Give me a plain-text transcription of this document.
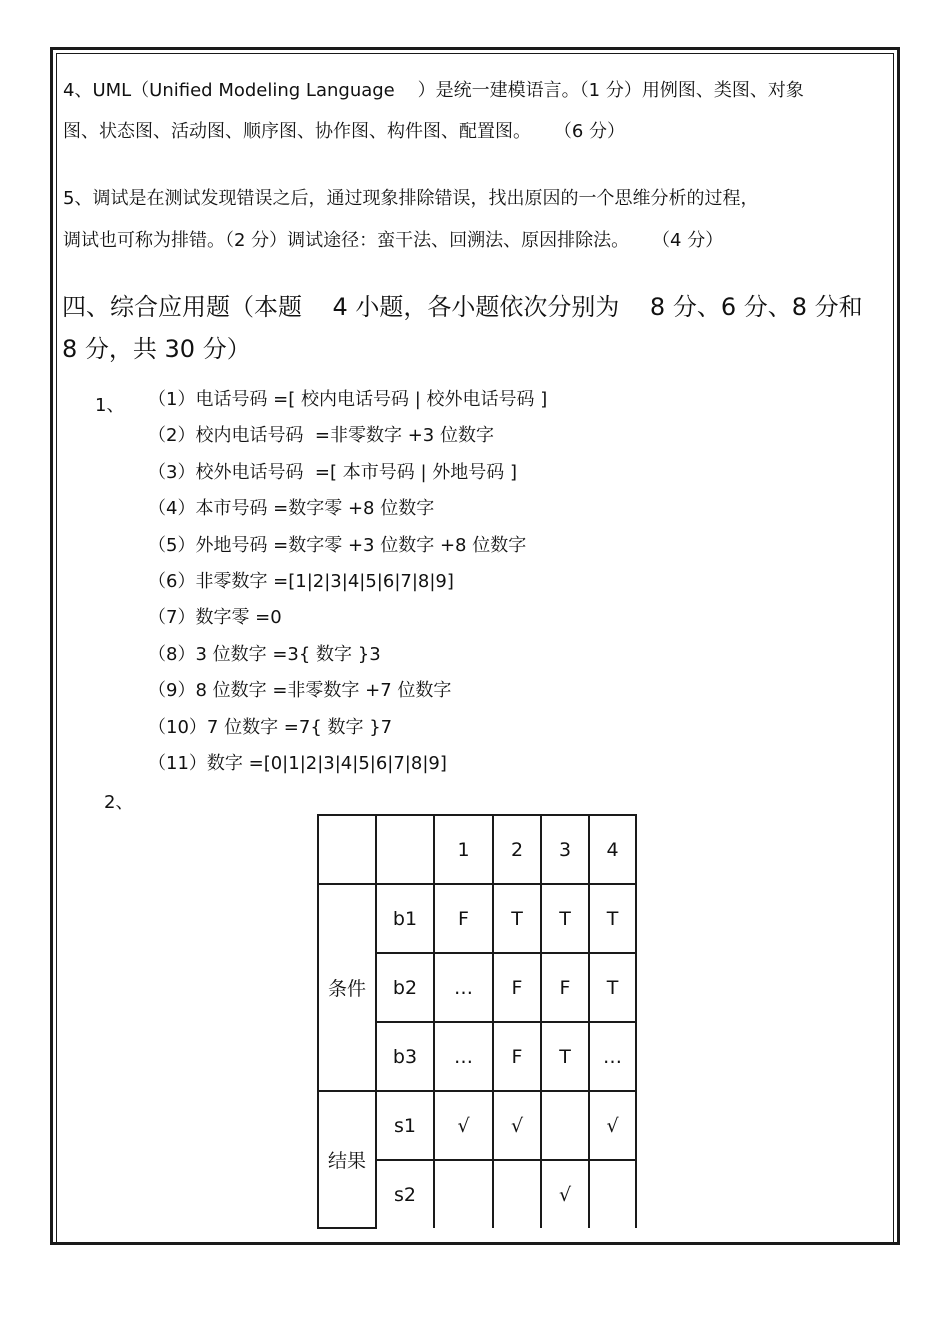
4、UML（Unified Modeling Language    ）是统一建模语言。（1 分）用例图、类图、对象
图、状态图、活动图、顺序图、协作图、构件图、配置图。    （6 分）
5、调试是在测试发现错误之后，通过现象排除错误，找出原因的一个思维分析的过程，
调试也可称为排错。（2 分）调试途径：蛮干法、回溯法、原因排除法。    （4 分）
四、综合应用题（本题    4 小题，各小题依次分别为    8 分、6 分、8 分和
8 分，共 30 分）
1、 （1）电话号码 =[ 校内电话号码 | 校外电话号码 ]
（2）校内电话号码  =非零数字 +3 位数字
（3）校外电话号码  =[ 本市号码 | 外地号码 ]
（4）本市号码 =数字零 +8 位数字
（5）外地号码 =数字零 +3 位数字 +8 位数字
（6）非零数字 =[1|2|3|4|5|6|7|8|9]
（7）数字零 =0
（8）3 位数字 =3{ 数字 }3
（9）8 位数字 =非零数字 +7 位数字
（10）7 位数字 =7{ 数字 }7
（11）数字 =[0|1|2|3|4|5|6|7|8|9]
2、
		1	2	3	4
条件	b1	F	T	T	T
	b2	…	F	F	T
	b3	…	F	T	…
结果	s1	√	√		√
	s2			√	
